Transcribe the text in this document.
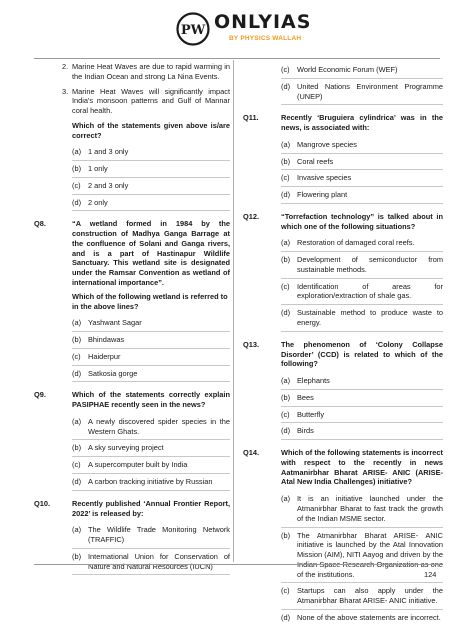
PW ONLYIAS
BY PHYSICS WALLAH
2. Marine Heat Waves are due to rapid warming in the Indian Ocean and strong La Nina Events.
3. Marine Heat Waves will significantly impact India's monsoon patterns and Gulf of Mannar coral health.
Which of the statements given above is/are correct?
(a) 1 and 3 only
(b) 1 only
(c) 2 and 3 only
(d) 2 only
Q8.	“A wetland formed in 1984 by the construction of Madhya Ganga Barrage at the confluence of Solani and Ganga rivers, and is a part of Hastinapur Wildlife Sanctuary. This wetland site is designated under the Ramsar Convention as wetland of international importance”.
Which of the following wetland is referred to in the above lines?
(a) Yashwant Sagar
(b) Bhindawas
(c) Haiderpur
(d) Satkosia gorge
Q9.	Which of the statements correctly explain PASIPHAE recently seen in the news?
(a) A newly discovered spider species in the Western Ghats.
(b) A sky surveying project
(c) A supercomputer built by India
(d) A carbon tracking initiative by Russian
Q10.	Recently published ‘Annual Frontier Report, 2022’ is released by:
(a) The Wildlife Trade Monitoring Network (TRAFFIC)
(b) International Union for Conservation of Nature and Natural Resources (IUCN)
(c) World Economic Forum (WEF)
(d) United Nations Environment Programme (UNEP)
Q11.	Recently ‘Bruguiera cylindrica’ was in the news, is associated with:
(a) Mangrove species
(b) Coral reefs
(c) Invasive species
(d) Flowering plant
Q12.	“Torrefaction technology” is talked about in which one of the following situations?
(a) Restoration of damaged coral reefs.
(b) Development of semiconductor from sustainable methods.
(c) Identification of areas for exploration/extraction of shale gas.
(d) Sustainable method to produce waste to energy.
Q13.	The phenomenon of ‘Colony Collapse Disorder’ (CCD) is related to which of the following?
(a) Elephants
(b) Bees
(c) Butterfly
(d) Birds
Q14.	Which of the following statements is incorrect with respect to the recently in news Aatmanirbhar Bharat ARISE- ANIC (ARISE-Atal New India Challenges) initiative?
(a) It is an initiative launched under the Atmanirbhar Bharat to fast track the growth of the Indian MSME sector.
(b) The Atmanirbhar Bharat ARISE- ANIC initiative is launched by the Atal Innovation Mission (AIM), NITI Aayog and driven by the Indian Space Research Organization as one of the institutions.
(c) Startups can also apply under the Atmanirbhar Bharat ARISE- ANIC initiative.
(d) None of the above statements are incorrect.
124
